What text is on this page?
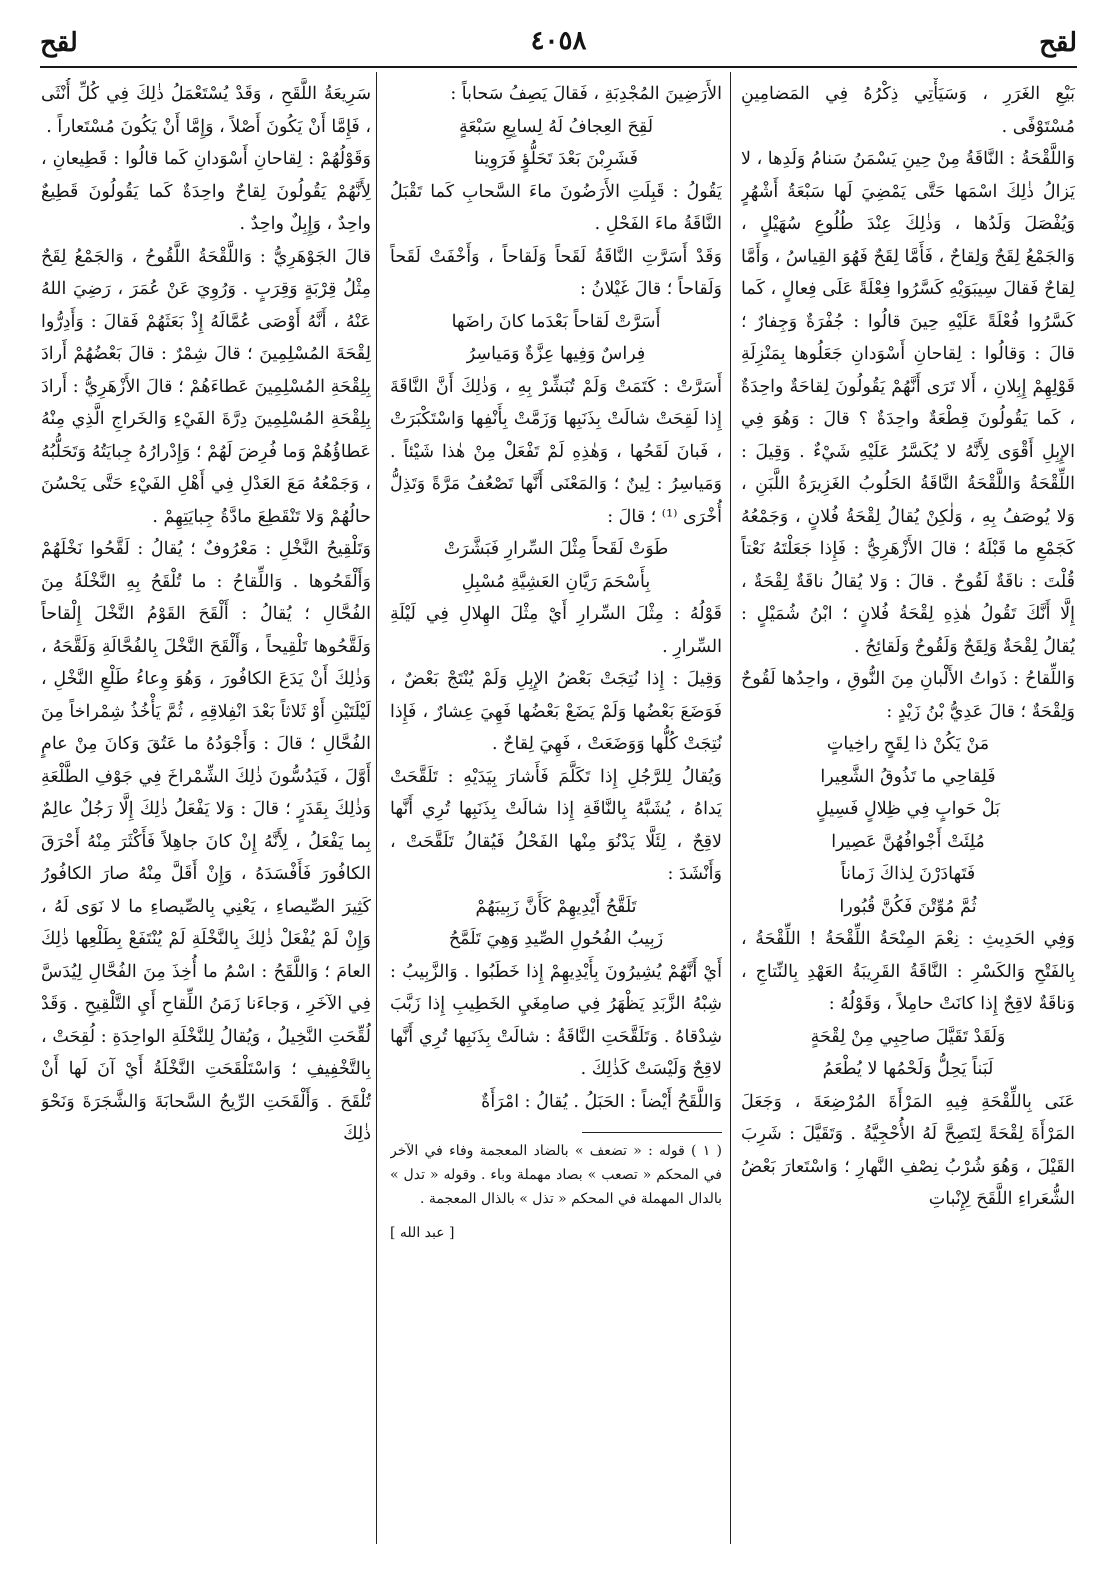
لقح
٤٠٥٨
لقح

بَيْعِ الغَرَرِ ، وَسَيَأْتِي ذِكْرُهُ فِي المَضامِينِ مُسْتَوْفًى .

وَاللَّقْحَةُ : النَّاقَةُ مِنْ حِينِ يَسْمَنُ سَنامُ وَلَدِها ، لا يَزالُ ذٰلِكَ اسْمَها حَتَّى يَمْضِيَ لَها سَبْعَةُ أَشْهُرٍ وَيُفْصَلَ وَلَدُها ، وَذٰلِكَ عِنْدَ طُلُوعِ سُهَيْلٍ ، وَالجَمْعُ لِقَحٌ وَلِقاحٌ ، فَأَمَّا لِقَحٌ فَهُوَ القِياسُ ، وَأَمَّا لِقاحٌ فَقالَ سِيبَوَيْهِ كَسَّرُوا فِعْلَةً عَلَى فِعالٍ ، كَما كَسَّرُوا فُعْلَةً عَلَيْهِ حِينَ قالُوا : جُفْرَةٌ وَجِفارٌ ؛ قالَ : وَقالُوا : لِقاحانِ أَسْوَدانِ جَعَلُوها بِمَنْزِلَةِ قَوْلِهِمْ إِبِلانِ ، أَلا تَرَى أَنَّهُمْ يَقُولُونَ لِقاحَةٌ واحِدَةٌ ، كَما يَقُولُونَ قِطْعَةٌ واحِدَةٌ ؟ قالَ : وَهُوَ فِي الإِبِلِ أَقْوَى لِأَنَّهُ لا يُكَسَّرُ عَلَيْهِ شَيْءٌ . وَقِيلَ : اللِّقْحَةُ وَاللَّقْحَةُ النَّاقَةُ الحَلُوبُ الغَزِيرَةُ اللَّبَنِ ، وَلا يُوصَفُ بِهِ ، وَلٰكِنْ يُقالُ لِقْحَةُ فُلانٍ ، وَجَمْعُهُ كَجَمْعِ ما قَبْلَهُ ؛ قالَ الأَزْهَرِيُّ : فَإِذا جَعَلْتَهُ نَعْتاً قُلْتَ : ناقَةٌ لَقُوحٌ . قالَ : وَلا يُقالُ ناقَةٌ لِقْحَةٌ ، إِلَّا أَنَّكَ تَقُولُ هٰذِهِ لِقْحَةُ فُلانٍ ؛ ابْنُ شُمَيْلٍ : يُقالُ لِقْحَةٌ وَلِقَحٌ وَلَقُوحٌ وَلَقائِحُ .

وَاللِّقاحُ : ذَواتُ الأَلْبانِ مِنَ النُّوقِ ، واحِدُها لَقُوحٌ وَلِقْحَةٌ ؛ قالَ عَدِيُّ بْنُ زَيْدٍ :

مَنْ يَكُنْ ذا لِقَحٍ راخِياتٍ

فَلِقاحِي ما تَذُوقُ الشَّعِيرا

بَلْ حَوابٍ فِي ظِلالٍ فَسِيلٍ

مُلِئَتْ أَجْوافُهُنَّ عَصِيرا

فَتَهادَرْنَ لِذاكَ زَماناً

ثُمَّ مُوِّتْنَ فَكُنَّ قُبُورا

وَفِي الحَدِيثِ : نِعْمَ المِنْحَةُ اللِّقْحَةُ ! اللِّقْحَةُ ، بِالفَتْحِ وَالكَسْرِ : النَّاقَةُ القَرِيبَةُ العَهْدِ بِالنِّتاجِ ، وَناقَةٌ لاقِحٌ إِذا كانَتْ حامِلاً ، وَقَوْلُهُ :

وَلَقَدْ تَقَيَّلَ صاحِبِي مِنْ لِقْحَةٍ

لَبَناً يَحِلُّ وَلَحْمُها لا يُطْعَمُ

عَنَى بِاللِّقْحَةِ فِيهِ المَرْأَةَ المُرْضِعَةَ ، وَجَعَلَ المَرْأَةَ لِقْحَةً لِتَصِحَّ لَهُ الأُحْجِيَّةُ . وَتَقَيَّلَ : شَرِبَ القَيْلَ ، وَهُوَ شُرْبُ نِصْفِ النَّهارِ ؛ وَاسْتَعارَ بَعْضُ الشُّعَراءِ اللَّقَحَ لِإِنْباتِ

الأَرَضِينَ المُجْدِبَةِ ، فَقالَ يَصِفُ سَحاباً :

لَقِحَ العِجافُ لَهُ لِسابِعِ سَبْعَةٍ

فَشَرِبْنَ بَعْدَ تَحَلُّؤٍ فَرَوِينا

يَقُولُ : قَبِلَتِ الأَرَضُونَ ماءَ السَّحابِ كَما تَقْبَلُ النَّاقَةُ ماءَ الفَحْلِ .

وَقَدْ أَسَرَّتِ النَّاقَةُ لَقَحاً وَلَقاحاً ، وَأَخْفَتْ لَقَحاً وَلَقاحاً ؛ قالَ غَيْلانُ :

أَسَرَّتْ لَقاحاً بَعْدَما كانَ راضَها

فِراسٌ وَفِيها عِزَّةٌ وَمَياسِرُ

أَسَرَّتْ : كَتَمَتْ وَلَمْ تُبَشِّرْ بِهِ ، وَذٰلِكَ أَنَّ النَّاقَةَ إِذا لَقِحَتْ شالَتْ بِذَنَبِها وَزَمَّتْ بِأَنْفِها وَاسْتَكْبَرَتْ ، فَبانَ لَقَحُها ، وَهٰذِهِ لَمْ تَفْعَلْ مِنْ هٰذا شَيْئاً . وَمَياسِرُ : لِينٌ ؛ وَالمَعْنَى أَنَّها تَصْعُفُ مَرَّةً وَتَذِلُّ أُخْرَى ⁽¹⁾ ؛ قالَ :

طَوَتْ لَقَحاً مِثْلَ السِّرارِ فَبَشَّرَتْ

بِأَسْحَمَ رَيَّانِ العَشِيَّةِ مُسْبِلِ

قَوْلُهُ : مِثْلَ السِّرارِ أَيْ مِثْلَ الهِلالِ فِي لَيْلَةِ السِّرارِ .

وَقِيلَ : إِذا نُتِجَتْ بَعْضُ الإِبِلِ وَلَمْ يُنْتَجْ بَعْضٌ ، فَوَضَعَ بَعْضُها وَلَمْ يَضَعْ بَعْضُها فَهِيَ عِشارٌ ، فَإِذا نُتِجَتْ كُلُّها وَوَضَعَتْ ، فَهِيَ لِقاحٌ .

وَيُقالُ لِلرَّجُلِ إِذا تَكَلَّمَ فَأَشارَ بِيَدَيْهِ : تَلَقَّحَتْ يَداهُ ، يُشَبَّهُ بِالنَّاقَةِ إِذا شالَتْ بِذَنَبِها تُرِي أَنَّها لاقِحٌ ، لِئَلَّا يَدْنُوَ مِنْها الفَحْلُ فَيُقالُ تَلَقَّحَتْ ، وَأَنْشَدَ :

تَلَقَّحُ أَيْدِيهِمْ كَأَنَّ زَبِيبَهُمْ

زَبِيبُ الفُحُولِ الصِّيدِ وَهِيَ تَلَمَّحُ

أَيْ أَنَّهُمْ يُشِيرُونَ بِأَيْدِيهِمْ إِذا خَطَبُوا . وَالزَّبِيبُ : شِبْهُ الزَّبَدِ يَظْهَرُ فِي صامِغَيِ الخَطِيبِ إِذا زَبَّبَ شِدْقاهُ . وَتَلَقَّحَتِ النَّاقَةُ : شالَتْ بِذَنَبِها تُرِي أَنَّها لاقِحٌ وَلَيْسَتْ كَذٰلِكَ .

وَاللَّقَحُ أَيْضاً : الحَبَلُ . يُقالُ : امْرَأَةٌ

( ١ ) قوله : « تضعف » بالضاد المعجمة وفاء في الآخر في المحكم « تصعب » بصاد مهملة وباء . وقوله « تدل » بالدال المهملة في المحكم « تذل » بالذال المعجمة .

[ عبد الله ]

سَرِيعَةُ اللَّقَحِ ، وَقَدْ يُسْتَعْمَلُ ذٰلِكَ فِي كُلِّ أُنْثَى ، فَإِمَّا أَنْ يَكُونَ أَصْلاً ، وَإِمَّا أَنْ يَكُونَ مُسْتَعاراً .

وَقَوْلُهُمْ : لِقاحانِ أَسْوَدانِ كَما قالُوا : قَطِيعانِ ، لِأَنَّهُمْ يَقُولُونَ لِقاحٌ واحِدَةٌ كَما يَقُولُونَ قَطِيعٌ واحِدٌ ، وَإِبِلٌ واحِدٌ .

قالَ الجَوْهَرِيُّ : وَاللَّقْحَةُ اللَّقُوحُ ، وَالجَمْعُ لِقَحٌ مِثْلُ قِرْبَةٍ وَقِرَبٍ . وَرُوِيَ عَنْ عُمَرَ ، رَضِيَ اللهُ عَنْهُ ، أَنَّهُ أَوْصَى عُمَّالَهُ إِذْ بَعَثَهُمْ فَقالَ : وَأَدِرُّوا لِقْحَةَ المُسْلِمِينَ ؛ قالَ شِمْرٌ : قالَ بَعْضُهُمْ أَرادَ بِلِقْحَةِ المُسْلِمِينَ عَطاءَهُمْ ؛ قالَ الأَزْهَرِيُّ : أَرادَ بِلِقْحَةِ المُسْلِمِينَ دِرَّةَ الفَيْءِ وَالخَراجِ الَّذِي مِنْهُ عَطاؤُهُمْ وَما فُرِضَ لَهُمْ ؛ وَإِدْرارُهُ جِبايَتُهُ وَتَحَلُّبُهُ ، وَجَمْعُهُ مَعَ العَدْلِ فِي أَهْلِ الفَيْءِ حَتَّى يَحْسُنَ حالُهُمْ وَلا تَنْقَطِعَ مادَّةُ جِبايَتِهِمْ .

وَتَلْقِيحُ النَّخْلِ : مَعْرُوفٌ ؛ يُقالُ : لَقَّحُوا نَخْلَهُمْ وَأَلْقَحُوها . وَاللِّقاحُ : ما تُلْقَحُ بِهِ النَّخْلَةُ مِنَ الفُحَّالِ ؛ يُقالُ : أَلْقَحَ القَوْمُ النَّخْلَ إِلْقاحاً وَلَقَّحُوها تَلْقِيحاً ، وَأَلْقَحَ النَّخْلَ بِالفُحَّالَةِ وَلَقَّحَهُ ، وَذٰلِكَ أَنْ يَدَعَ الكافُورَ ، وَهُوَ وِعاءُ طَلْعِ النَّخْلِ ، لَيْلَتَيْنِ أَوْ ثَلاثاً بَعْدَ انْفِلاقِهِ ، ثُمَّ يَأْخُذُ شِمْراخاً مِنَ الفُحَّالِ ؛ قالَ : وَأَجْوَدُهُ ما عَتُقَ وَكانَ مِنْ عامٍ أَوَّلَ ، فَيَدُسُّونَ ذٰلِكَ الشِّمْراخَ فِي جَوْفِ الطَّلْعَةِ وَذٰلِكَ بِقَدَرٍ ؛ قالَ : وَلا يَفْعَلُ ذٰلِكَ إِلَّا رَجُلٌ عالِمٌ بِما يَفْعَلُ ، لِأَنَّهُ إِنْ كانَ جاهِلاً فَأَكْثَرَ مِنْهُ أَحْرَقَ الكافُورَ فَأَفْسَدَهُ ، وَإِنْ أَقَلَّ مِنْهُ صارَ الكافُورُ كَثِيرَ الصِّيصاءِ ، يَعْنِي بِالصِّيصاءِ ما لا نَوَى لَهُ ، وَإِنْ لَمْ يُفْعَلْ ذٰلِكَ بِالنَّخْلَةِ لَمْ يُنْتَفَعْ بِطَلْعِها ذٰلِكَ العامَ ؛ وَاللَّقَحُ : اسْمُ ما أُخِذَ مِنَ الفُحَّالِ لِيُدَسَّ فِي الآخَرِ ، وَجاءَنا زَمَنُ اللِّقاحِ أَيِ التَّلْقِيحِ . وَقَدْ لُقِّحَتِ النَّخِيلُ ، وَيُقالُ لِلنَّخْلَةِ الواحِدَةِ : لُقِحَتْ ، بِالتَّخْفِيفِ ؛ وَاسْتَلْقَحَتِ النَّخْلَةُ أَيْ آنَ لَها أَنْ تُلْقَحَ . وَأَلْقَحَتِ الرِّيحُ السَّحابَةَ وَالشَّجَرَةَ وَنَحْوَ ذٰلِكَ
